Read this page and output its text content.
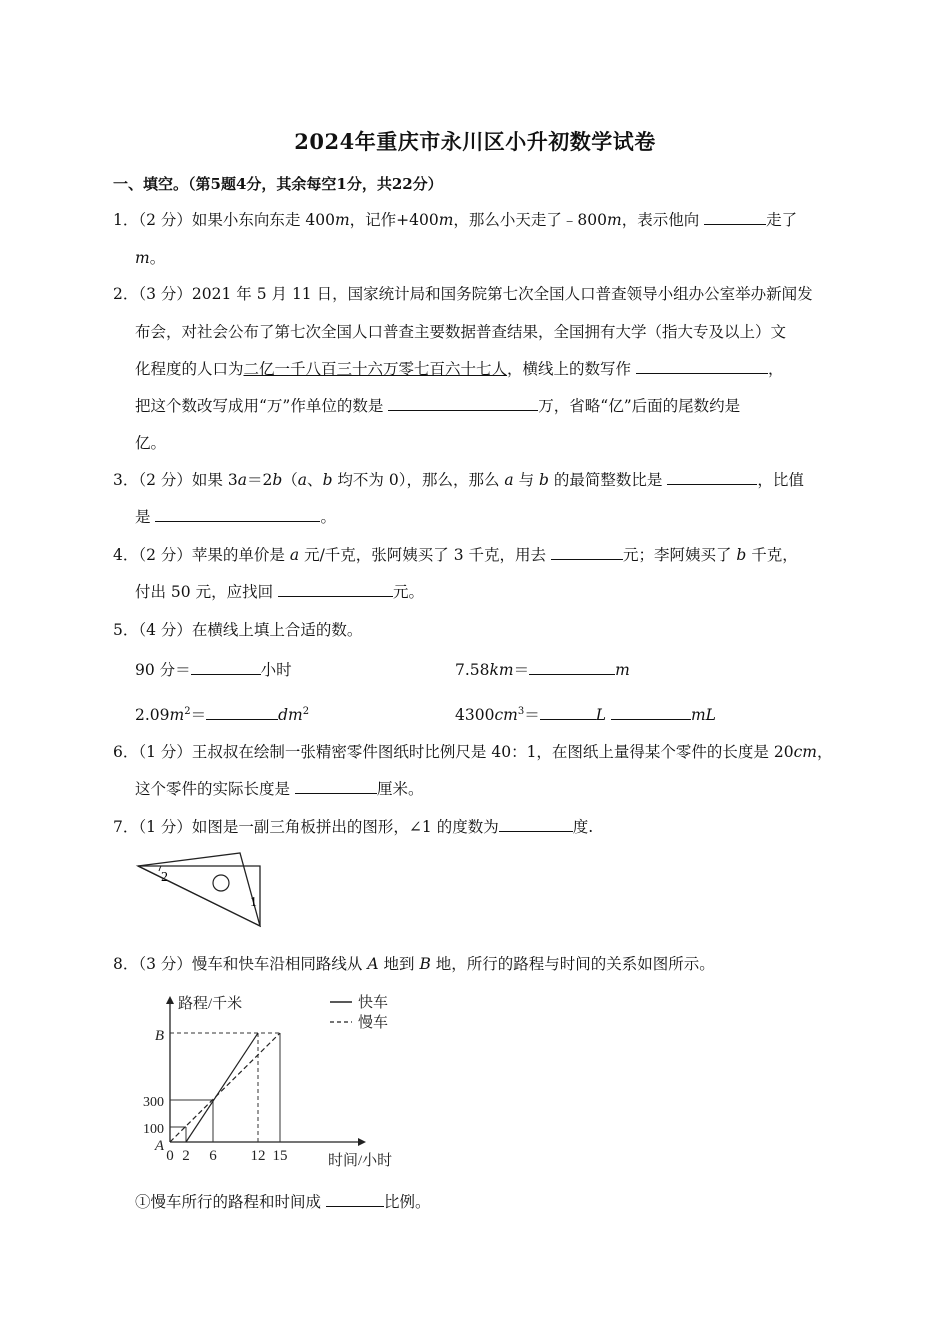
2024年重庆市永川区小升初数学试卷
一、填空。（第5题4分，其余每空1分，共22分）
1．（2 分）如果小东向东走 400m，记作+400m，那么小天走了﹣800m，表示他向	走了
m。
2．（3 分）2021 年 5 月 11 日，国家统计局和国务院第七次全国人口普查领导小组办公室举办新闻发
布会，对社会公布了第七次全国人口普查主要数据普查结果，全国拥有大学（指大专及以上）文
化程度的人口为二亿一千八百三十六万零七百六十七人，横线上的数写作	，
把这个数改写成用“万”作单位的数是	万，省略“亿”后面的尾数约是
亿。
3．（2 分）如果 3a＝2b（a、b 均不为 0），那么，那么 a 与 b 的最简整数比是	，比值
是	。
4．（2 分）苹果的单价是 a 元/千克，张阿姨买了 3 千克，用去	元；李阿姨买了 b 千克，
付出 50 元，应找回	元。
5．（4 分）在横线上填上合适的数。
90 分＝	小时	7.58km＝	m
$2.09m^2=$	$dm^2$	$4300cm^3=$	L	mL
6．（1 分）王叔叔在绘制一张精密零件图纸时比例尺是 40：1，在图纸上量得某个零件的长度是 20cm，
这个零件的实际长度是	厘米。
7．（1 分）如图是一副三角板拼出的图形，∠1 的度数为	度.
2
1
8．（3 分）慢车和快车沿相同路线从 A 地到 B 地，所行的路程与时间的关系如图所示。
路程/千米
时间/小时
0 2 6 12 15
300
100
B
A
快车
慢车
①慢车所行的路程和时间成	比例。
